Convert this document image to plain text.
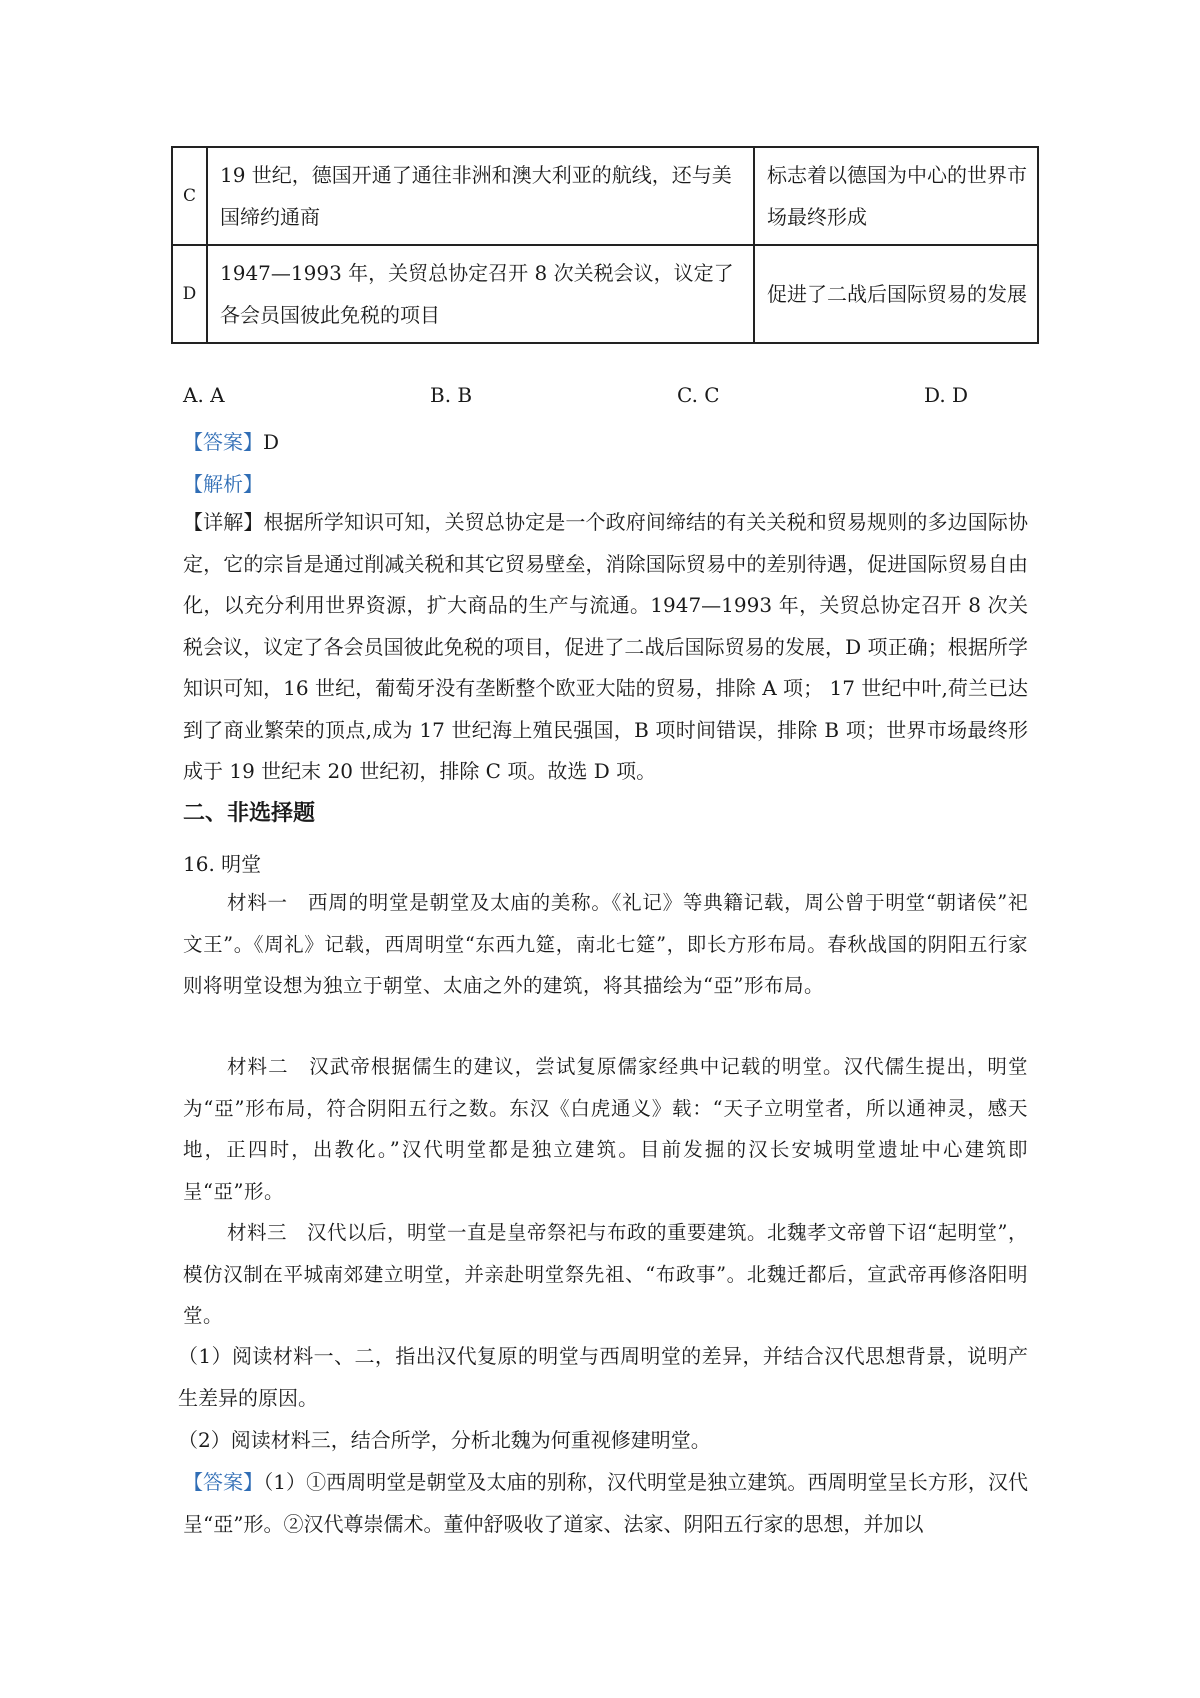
C	19 世纪，德国开通了通往非洲和澳大利亚的航线，还与美国缔约通商	标志着以德国为中心的世界市场最终形成

D	1947—1993 年，关贸总协定召开 8 次关税会议，议定了各会员国彼此免税的项目	促进了二战后国际贸易的发展
A. A	B. B	C. C	D. D
【答案】D
【解析】
【详解】根据所学知识可知，关贸总协定是一个政府间缔结的有关关税和贸易规则的多边国际协定，它的宗旨是通过削减关税和其它贸易壁垒，消除国际贸易中的差别待遇，促进国际贸易自由化，以充分利用世界资源，扩大商品的生产与流通。1947—1993 年，关贸总协定召开 8 次关税会议，议定了各会员国彼此免税的项目，促进了二战后国际贸易的发展，D 项正确；根据所学知识可知，16 世纪，葡萄牙没有垄断整个欧亚大陆的贸易，排除 A 项； 17 世纪中叶,荷兰已达到了商业繁荣的顶点,成为 17 世纪海上殖民强国，B 项时间错误，排除 B 项；世界市场最终形成于 19 世纪末 20 世纪初，排除 C 项。故选 D 项。
二、非选择题
16. 明堂
材料一　西周的明堂是朝堂及太庙的美称。《礼记》等典籍记载，周公曾于明堂“朝诸侯”祀文王”。《周礼》记载，西周明堂“东西九筵，南北七筵”，即长方形布局。春秋战国的阴阳五行家则将明堂设想为独立于朝堂、太庙之外的建筑，将其描绘为“亞”形布局。
材料二　汉武帝根据儒生的建议，尝试复原儒家经典中记载的明堂。汉代儒生提出，明堂为“亞”形布局，符合阴阳五行之数。东汉《白虎通义》载：“天子立明堂者，所以通神灵，感天地，正四时，出教化。”汉代明堂都是独立建筑。目前发掘的汉长安城明堂遗址中心建筑即呈“亞”形。
材料三　汉代以后，明堂一直是皇帝祭祀与布政的重要建筑。北魏孝文帝曾下诏“起明堂”，模仿汉制在平城南郊建立明堂，并亲赴明堂祭先祖、“布政事”。北魏迁都后，宣武帝再修洛阳明堂。
（1）阅读材料一、二，指出汉代复原的明堂与西周明堂的差异，并结合汉代思想背景，说明产生差异的原因。
（2）阅读材料三，结合所学，分析北魏为何重视修建明堂。
【答案】（1）①西周明堂是朝堂及太庙的别称，汉代明堂是独立建筑。西周明堂呈长方形，汉代呈“亞”形。②汉代尊崇儒术。董仲舒吸收了道家、法家、阴阳五行家的思想，并加以
